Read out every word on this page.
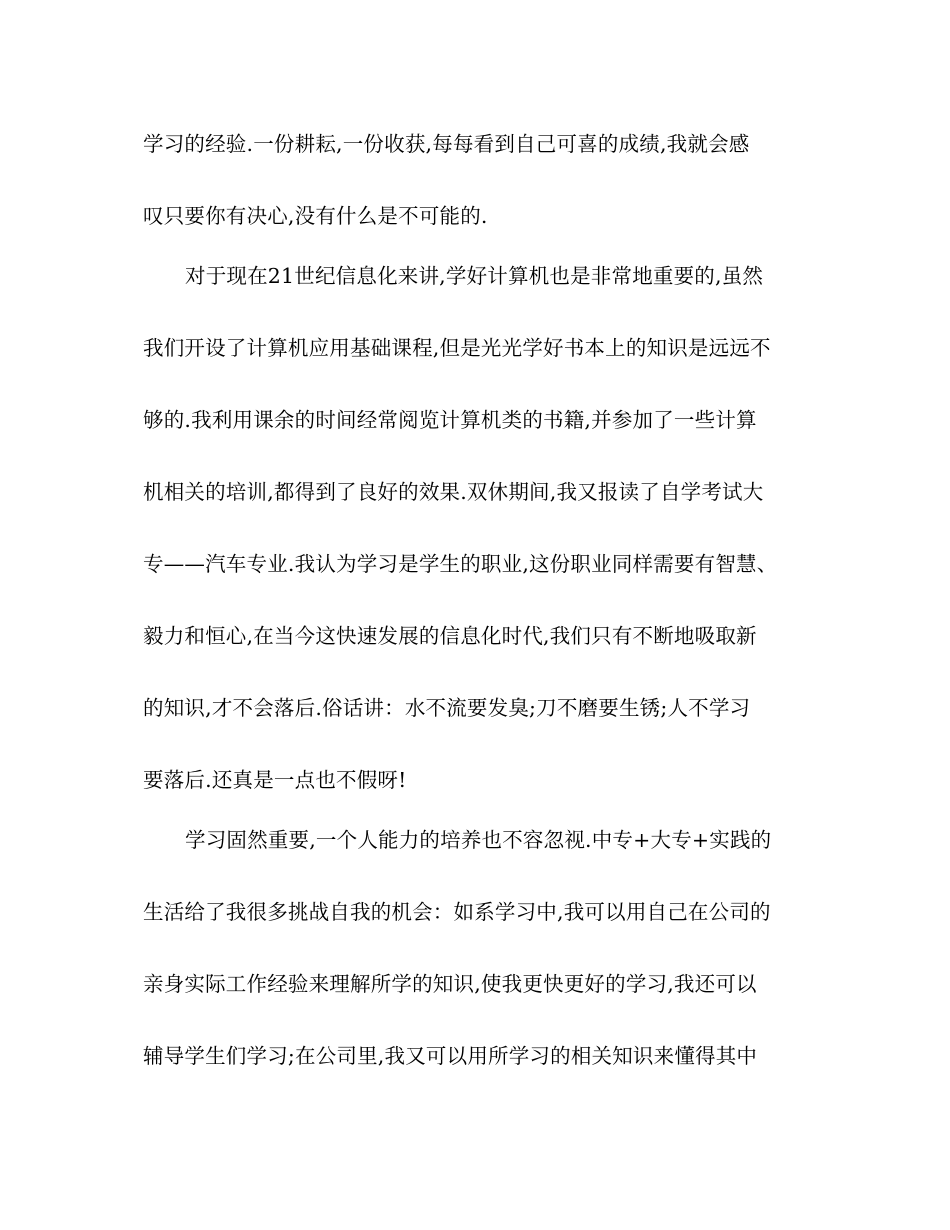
学习的经验.一份耕耘,一份收获,每每看到自己可喜的成绩,我就会感
叹只要你有决心,没有什么是不可能的.
对于现在21世纪信息化来讲,学好计算机也是非常地重要的,虽然
我们开设了计算机应用基础课程,但是光光学好书本上的知识是远远不
够的.我利用课余的时间经常阅览计算机类的书籍,并参加了一些计算
机相关的培训,都得到了良好的效果.双休期间,我又报读了自学考试大
专——汽车专业.我认为学习是学生的职业,这份职业同样需要有智慧、
毅力和恒心,在当今这快速发展的信息化时代,我们只有不断地吸取新
的知识,才不会落后.俗话讲：水不流要发臭;刀不磨要生锈;人不学习
要落后.还真是一点也不假呀!
学习固然重要,一个人能力的培养也不容忽视.中专+大专+实践的
生活给了我很多挑战自我的机会：如系学习中,我可以用自己在公司的
亲身实际工作经验来理解所学的知识,使我更快更好的学习,我还可以
辅导学生们学习;在公司里,我又可以用所学习的相关知识来懂得其中
